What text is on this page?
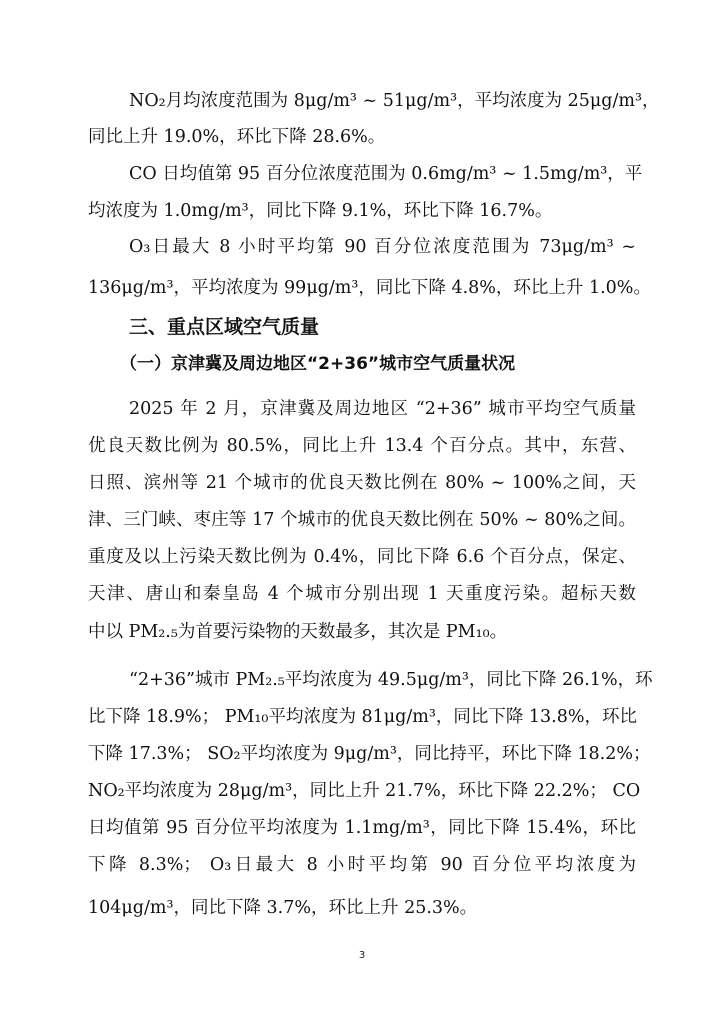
NO₂月均浓度范围为 8μg/m³ ~ 51μg/m³，平均浓度为 25μg/m³，
同比上升 19.0%，环比下降 28.6%。
CO 日均值第 95 百分位浓度范围为 0.6mg/m³ ~ 1.5mg/m³，平
均浓度为 1.0mg/m³，同比下降 9.1%，环比下降 16.7%。
O₃日最大 8 小时平均第 90 百分位浓度范围为 73μg/m³ ~
136μg/m³，平均浓度为 99μg/m³，同比下降 4.8%，环比上升 1.0%。
三、重点区域空气质量
（一）京津冀及周边地区“2+36”城市空气质量状况
2025 年 2 月，京津冀及周边地区 “2+36” 城市平均空气质量
优良天数比例为 80.5%，同比上升 13.4 个百分点。其中，东营、
日照、滨州等 21 个城市的优良天数比例在 80% ~ 100%之间，天
津、三门峡、枣庄等 17 个城市的优良天数比例在 50% ~ 80%之间。
重度及以上污染天数比例为 0.4%，同比下降 6.6 个百分点，保定、
天津、唐山和秦皇岛 4 个城市分别出现 1 天重度污染。超标天数
中以 PM₂.₅为首要污染物的天数最多，其次是 PM₁₀。
“2+36”城市 PM₂.₅平均浓度为 49.5μg/m³，同比下降 26.1%，环
比下降 18.9%； PM₁₀平均浓度为 81μg/m³，同比下降 13.8%，环比
下降 17.3%； SO₂平均浓度为 9μg/m³，同比持平，环比下降 18.2%；
NO₂平均浓度为 28μg/m³，同比上升 21.7%，环比下降 22.2%； CO
日均值第 95 百分位平均浓度为 1.1mg/m³，同比下降 15.4%，环比
下降 8.3%； O₃日最大 8 小时平均第 90 百分位平均浓度为
104μg/m³，同比下降 3.7%，环比上升 25.3%。
3
